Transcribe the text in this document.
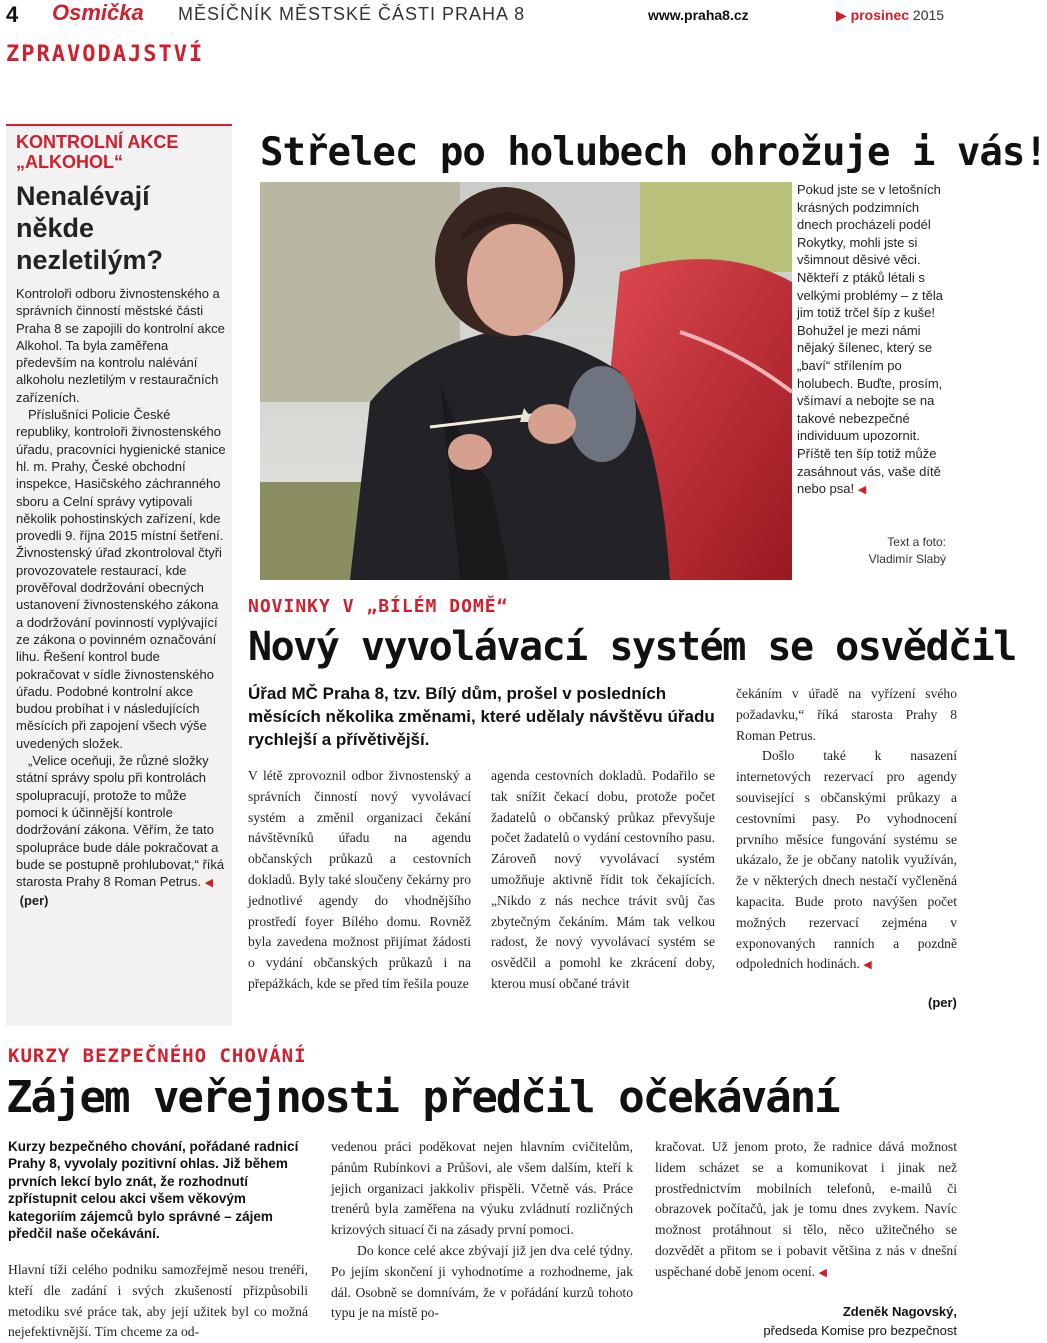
4 Osmička MĚSÍČNÍK MĚSTSKÉ ČÁSTI PRAHA 8	www.praha8.cz	▶ prosinec 2015
ZPRAVODAJSTVÍ
KONTROLNÍ AKCE „ALKOHOL“
Nenalévají někde nezletilým?

Kontroloři odboru živnostenského a správních činností městské části Praha 8 se zapojili do kontrolní akce Alkohol. Ta byla zaměřena především na kontrolu nalévání alkoholu nezletilým v restauračních zařízeních.

Příslušníci Policie České republiky, kontroloři živnostenského úřadu, pracovníci hygienické stanice hl. m. Prahy, České obchodní inspekce, Hasičského záchranného sboru a Celní správy vytipovali několik pohostinských zařízení, kde provedli 9. října 2015 místní šetření. Živnostenský úřad zkontroloval čtyři provozovatele restaurací, kde prověřoval dodržování obecných ustanovení živnostenského zákona a dodržování povinností vyplývající ze zákona o povinném označování lihu. Řešení kontrol bude pokračovat v sídle živnostenského úřadu. Podobné kontrolní akce budou probíhat i v následujících měsících při zapojení všech výše uvedených složek.

„Velice oceňuji, že různé složky státní správy spolu při kontrolách spolupracují, protože to může pomoci k účinnější kontrole dodržování zákona. Věřím, že tato spolupráce bude dále pokračovat a bude se postupně prohlubovat,“ říká starosta Prahy 8 Roman Petrus. ◀  (per)

Střelec po holubech ohrožuje i vás!
Pokud jste se v letošních krásných podzimních dnech procházeli podél Rokytky, mohli jste si všimnout děsivé věci. Někteří z ptáků létali s velkými problémy – z těla jim totiž trčel šíp z kuše! Bohužel je mezi námi nějaký šílenec, který se „baví“ střílením po holubech. Buďte, prosím, všímaví a nebojte se na takové nebezpečné individuum upozornit. Příště ten šíp totiž může zasáhnout vás, vaše dítě nebo psa! ◀
Text a foto:
Vladimír Slabý
NOVINKY V „BÍLÉM DOMĚ“
Nový vyvolávací systém se osvědčil
Úřad MČ Praha 8, tzv. Bílý dům, prošel v posledních měsících několika změnami, které udělaly návštěvu úřadu rychlejší a přívětivější.
V létě zprovoznil odbor živnostenský a správních činností nový vyvolávací systém a změnil organizaci čekání návštěvníků úřadu na agendu občanských průkazů a cestovních dokladů. Byly také sloučeny čekárny pro jednotlivé agendy do vhodnějšího prostředí foyer Bílého domu. Rovněž byla zavedena možnost přijímat žádosti o vydání občanských průkazů i na přepážkách, kde se před tím řešila pouze
agenda cestovních dokladů. Podařilo se tak snížit čekací dobu, protože počet žadatelů o občanský průkaz převyšuje počet žadatelů o vydání cestovního pasu. Zároveň nový vyvolávací systém umožňuje aktivně řídit tok čekajících. „Nikdo z nás nechce trávit svůj čas zbytečným čekáním. Mám tak velkou radost, že nový vyvolávací systém se osvědčil a pomohl ke zkrácení doby, kterou musí občané trávit
čekáním v úřadě na vyřízení svého požadavku,“ říká starosta Prahy 8 Roman Petrus.
Došlo také k nasazení internetových rezervací pro agendy související s občanskými průkazy a cestovními pasy. Po vyhodnocení prvního měsíce fungování systému se ukázalo, že je občany natolik využíván, že v některých dnech nestačí vyčleněná kapacita. Bude proto navýšen počet možných rezervací zejména v exponovaných ranních a pozdně odpoledních hodinách. ◀
(per)
KURZY BEZPEČNÉHO CHOVÁNÍ
Zájem veřejnosti předčil očekávání
Kurzy bezpečného chování, pořádané radnicí Prahy 8, vyvolaly pozitivní ohlas. Již během prvních lekcí bylo znát, že rozhodnutí zpřístupnit celou akci všem věkovým kategoriím zájemců bylo správné – zájem předčil naše očekávání.
Hlavní tíži celého podniku samozřejmě nesou trenéři, kteří dle zadání i svých zkušeností přizpůsobili metodiku své práce tak, aby její užitek byl co možná nejefektivnější. Tím chceme za od-
vedenou práci poděkovat nejen hlavním cvičitelům, pánům Rubínkovi a Průšovi, ale všem dalším, kteří k jejich organizaci jakkoliv přispěli. Včetně vás. Práce trenérů byla zaměřena na výuku zvládnutí rozličných krizových situací či na zásady první pomoci.
Do konce celé akce zbývají již jen dva celé týdny. Po jejím skončení ji vyhodnotíme a rozhodneme, jak dál. Osobně se domnívám, že v pořádání kurzů tohoto typu je na místě po-
kračovat. Už jenom proto, že radnice dává možnost lidem scházet se a komunikovat i jinak než prostřednictvím mobilních telefonů, e-mailů či obrazovek počítačů, jak je tomu dnes zvykem. Navíc možnost protáhnout si tělo, něco užitečného se dozvědět a přitom se i pobavit většina z nás v dnešní uspěchané době jenom ocení. ◀
Zdeněk Nagovský,
předseda Komise pro bezpečnost
